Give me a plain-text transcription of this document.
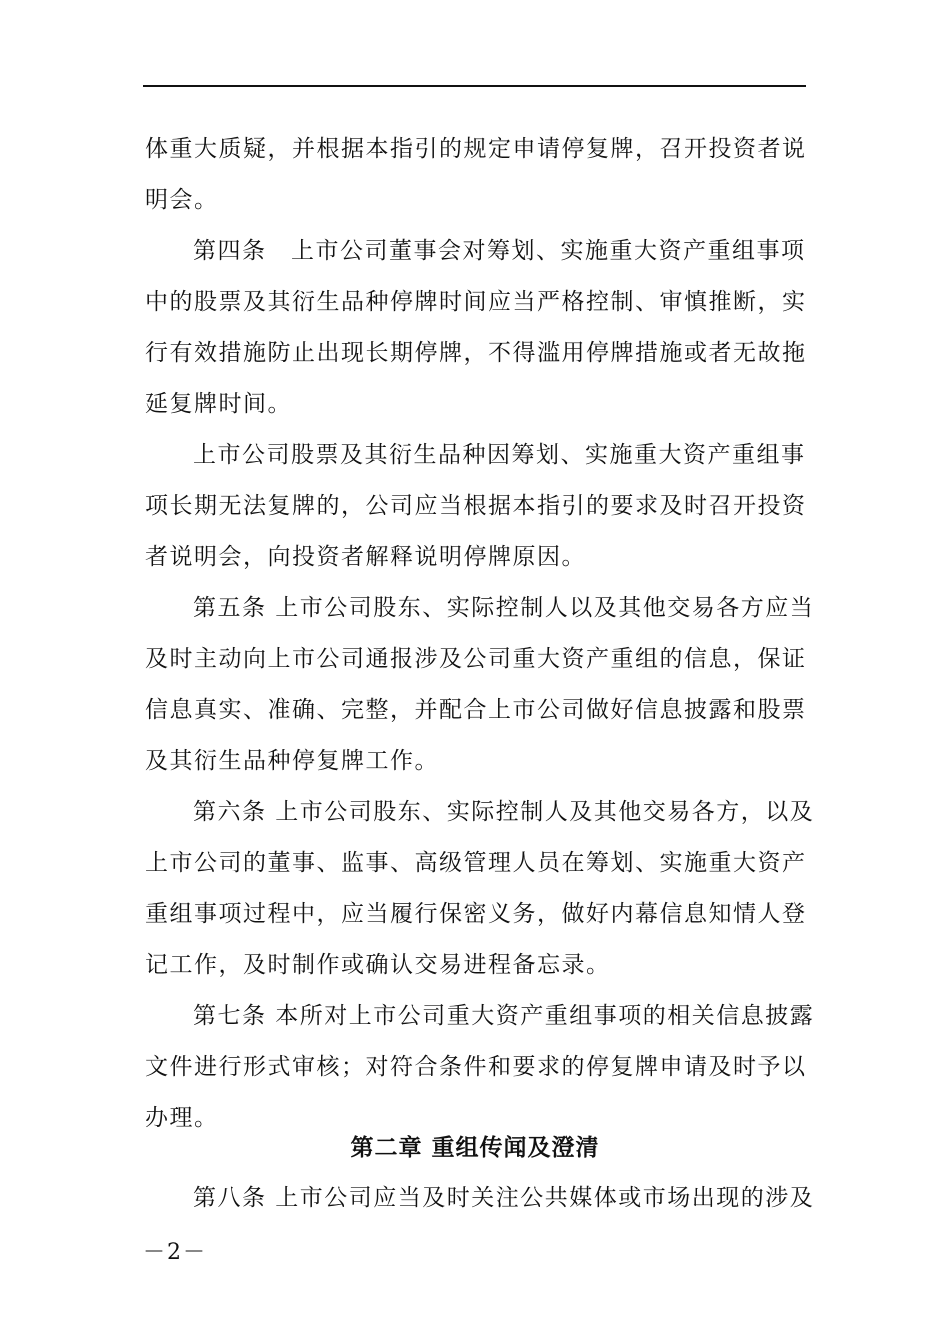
体重大质疑，并根据本指引的规定申请停复牌，召开投资者说

明会。

第四条　上市公司董事会对筹划、实施重大资产重组事项

中的股票及其衍生品种停牌时间应当严格控制、审慎推断，实

行有效措施防止出现长期停牌，不得滥用停牌措施或者无故拖

延复牌时间。

上市公司股票及其衍生品种因筹划、实施重大资产重组事

项长期无法复牌的，公司应当根据本指引的要求及时召开投资

者说明会，向投资者解释说明停牌原因。

第五条 上市公司股东、实际控制人以及其他交易各方应当

及时主动向上市公司通报涉及公司重大资产重组的信息，保证

信息真实、准确、完整，并配合上市公司做好信息披露和股票

及其衍生品种停复牌工作。

第六条 上市公司股东、实际控制人及其他交易各方，以及

上市公司的董事、监事、高级管理人员在筹划、实施重大资产

重组事项过程中，应当履行保密义务，做好内幕信息知情人登

记工作，及时制作或确认交易进程备忘录。

第七条 本所对上市公司重大资产重组事项的相关信息披露

文件进行形式审核；对符合条件和要求的停复牌申请及时予以

办理。

第二章 重组传闻及澄清

第八条 上市公司应当及时关注公共媒体或市场出现的涉及

－2－
